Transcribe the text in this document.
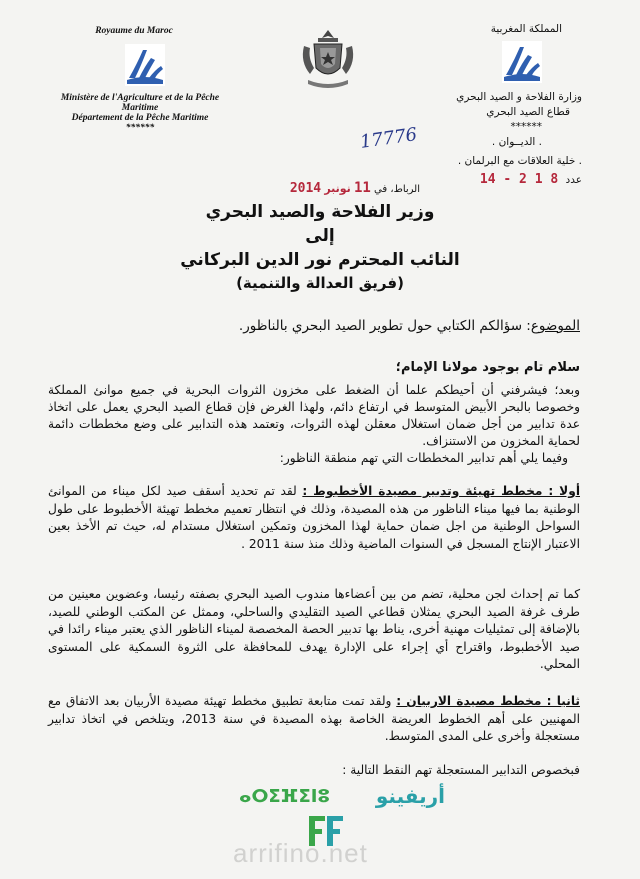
Royaume du Maroc
Ministère de l'Agriculture et de la Pêche
Maritime
Département de la Pêche Maritime
******
المملكة المغربية
وزارة الفلاحة و الصيد البحري
قطاع الصيد البحري
******
. الديــوان .
. خلية العلاقات مع البرلمان .
عدد 14 - 2 1 8
17776
الرباط، في 11 نونبر 2014
وزير الفلاحة والصيد البحري
إلى
النائب المحترم نور الدين البركاني
(فريق العدالة والتنمية)
الموضوع: سؤالكم الكتابي حول تطوير الصيد البحري بالناظور.
سلام تام بوجود مولانا الإمام؛
وبعد؛ فيشرفني أن أحيطكم علما أن الضغط على مخزون الثروات البحرية في جميع موانئ المملكة وخصوصا بالبحر الأبيض المتوسط في ارتفاع دائم، ولهذا الغرض فإن قطاع الصيد البحري يعمل على اتخاذ عدة تدابير من أجل ضمان استغلال معقلن لهذه الثروات، وتعتمد هذه التدابير على وضع مخططات دائمة لحماية المخزون من الاستنزاف.
وفيما يلي أهم تدابير المخططات التي تهم منطقة الناظور:
أولا : مخطط تهيئة وتدبير مصيدة الأخطبوط : لقد تم تحديد أسقف صيد لكل ميناء من الموانئ الوطنية بما فيها ميناء الناظور من هذه المصيدة، وذلك في انتظار تعميم مخطط تهيئة الأخطبوط على طول السواحل الوطنية من اجل ضمان حماية لهذا المخزون وتمكين استغلال مستدام له، حيث تم الأخذ بعين الاعتبار الإنتاج المسجل في السنوات الماضية وذلك منذ سنة 2011 .
كما تم إحداث لجن محلية، تضم من بين أعضاءها مندوب الصيد البحري بصفته رئيسا، وعضوين معينين من طرف غرفة الصيد البحري يمثلان قطاعي الصيد التقليدي والساحلي، وممثل عن المكتب الوطني للصيد، بالإضافة إلى تمثيليات مهنية أخرى، يناط بها تدبير الحصة المخصصة لميناء الناظور الذي يعتبر ميناء رائدا في صيد الأخطبوط، واقتراح أي إجراء على الإدارة يهدف للمحافظة على الثروة السمكية على المستوى المحلي.
ثانيا : مخطط مصيدة الاربيان : ولقد تمت متابعة تطبيق مخطط تهيئة مصيدة الأربيان بعد الاتفاق مع المهنيين على أهم الخطوط العريضة الخاصة بهذه المصيدة في سنة 2013، ويتلخص في اتخاذ تدابير مستعجلة وأخرى على المدى المتوسط.
فبخصوص التدابير المستعجلة تهم النقط التالية :
ⴰⵔⵉⴼⵉⵏⵓ أريفينو
arrifino.net
